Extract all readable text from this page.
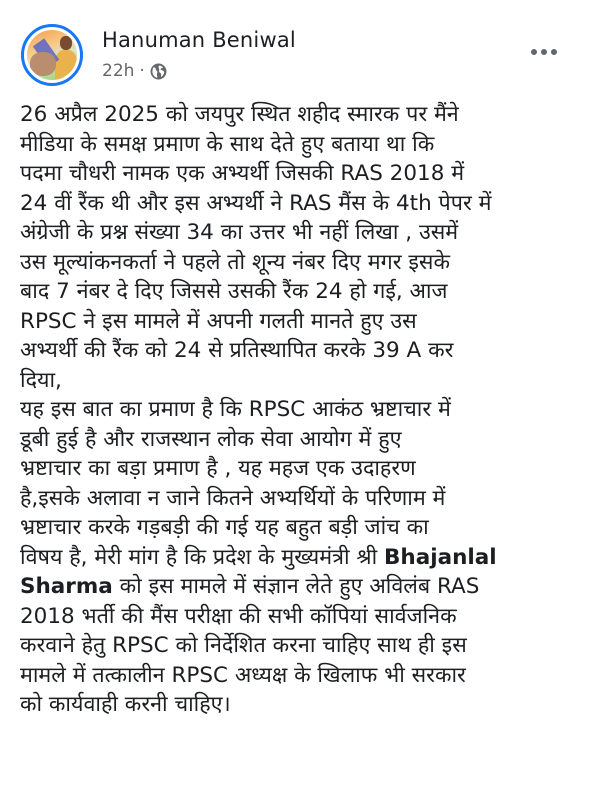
Hanuman Beniwal
22h ·
26 अप्रैल 2025 को जयपुर स्थित शहीद स्मारक पर मैंने
मीडिया के समक्ष प्रमाण के साथ देते हुए बताया था कि
पदमा चौधरी नामक एक अभ्यर्थी जिसकी RAS 2018 में
24 वीं रैंक थी और इस अभ्यर्थी ने RAS मैंस के 4th पेपर में
अंग्रेजी के प्रश्न संख्या 34 का उत्तर भी नहीं लिखा , उसमें
उस मूल्यांकनकर्ता ने पहले तो शून्य नंबर दिए मगर इसके
बाद 7 नंबर दे दिए जिससे उसकी रैंक 24 हो गई, आज
RPSC ने इस मामले में अपनी गलती मानते हुए उस
अभ्यर्थी की रैंक को 24 से प्रतिस्थापित करके 39 A कर
दिया,
यह इस बात का प्रमाण है कि RPSC आकंठ भ्रष्टाचार में
डूबी हुई है और राजस्थान लोक सेवा आयोग में हुए
भ्रष्टाचार का बड़ा प्रमाण है , यह महज एक उदाहरण
है,इसके अलावा न जाने कितने अभ्यर्थियों के परिणाम में
भ्रष्टाचार करके गड़बड़ी की गई यह बहुत बड़ी जांच का
विषय है, मेरी मांग है कि प्रदेश के मुख्यमंत्री श्री Bhajanlal
Sharma को इस मामले में संज्ञान लेते हुए अविलंब RAS
2018 भर्ती की मैंस परीक्षा की सभी कॉपियां सार्वजनिक
करवाने हेतु RPSC को निर्देशित करना चाहिए साथ ही इस
मामले में तत्कालीन RPSC अध्यक्ष के खिलाफ भी सरकार
को कार्यवाही करनी चाहिए।
